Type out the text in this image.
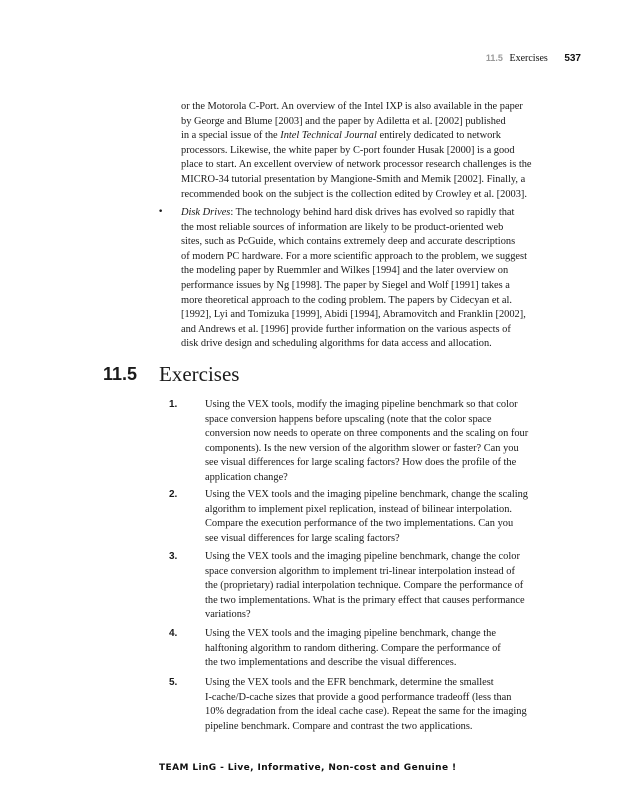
11.5 Exercises 537
or the Motorola C-Port. An overview of the Intel IXP is also available in the paper
by George and Blume [2003] and the paper by Adiletta et al. [2002] published
in a special issue of the Intel Technical Journal entirely dedicated to network
processors. Likewise, the white paper by C-port founder Husak [2000] is a good
place to start. An excellent overview of network processor research challenges is the
MICRO-34 tutorial presentation by Mangione-Smith and Memik [2002]. Finally, a
recommended book on the subject is the collection edited by Crowley et al. [2003].
• Disk Drives: The technology behind hard disk drives has evolved so rapidly that
the most reliable sources of information are likely to be product-oriented web
sites, such as PcGuide, which contains extremely deep and accurate descriptions
of modern PC hardware. For a more scientific approach to the problem, we suggest
the modeling paper by Ruemmler and Wilkes [1994] and the later overview on
performance issues by Ng [1998]. The paper by Siegel and Wolf [1991] takes a
more theoretical approach to the coding problem. The papers by Cidecyan et al.
[1992], Lyi and Tomizuka [1999], Abidi [1994], Abramovitch and Franklin [2002],
and Andrews et al. [1996] provide further information on the various aspects of
disk drive design and scheduling algorithms for data access and allocation.
11.5 Exercises
1.	Using the VEX tools, modify the imaging pipeline benchmark so that color
space conversion happens before upscaling (note that the color space
conversion now needs to operate on three components and the scaling on four
components). Is the new version of the algorithm slower or faster? Can you
see visual differences for large scaling factors? How does the profile of the
application change?
2.	Using the VEX tools and the imaging pipeline benchmark, change the scaling
algorithm to implement pixel replication, instead of bilinear interpolation.
Compare the execution performance of the two implementations. Can you
see visual differences for large scaling factors?
3.	Using the VEX tools and the imaging pipeline benchmark, change the color
space conversion algorithm to implement tri-linear interpolation instead of
the (proprietary) radial interpolation technique. Compare the performance of
the two implementations. What is the primary effect that causes performance
variations?
4.	Using the VEX tools and the imaging pipeline benchmark, change the
halftoning algorithm to random dithering. Compare the performance of
the two implementations and describe the visual differences.
5.	Using the VEX tools and the EFR benchmark, determine the smallest
I-cache/D-cache sizes that provide a good performance tradeoff (less than
10% degradation from the ideal cache case). Repeat the same for the imaging
pipeline benchmark. Compare and contrast the two applications.
TEAM LinG - Live, Informative, Non-cost and Genuine !
